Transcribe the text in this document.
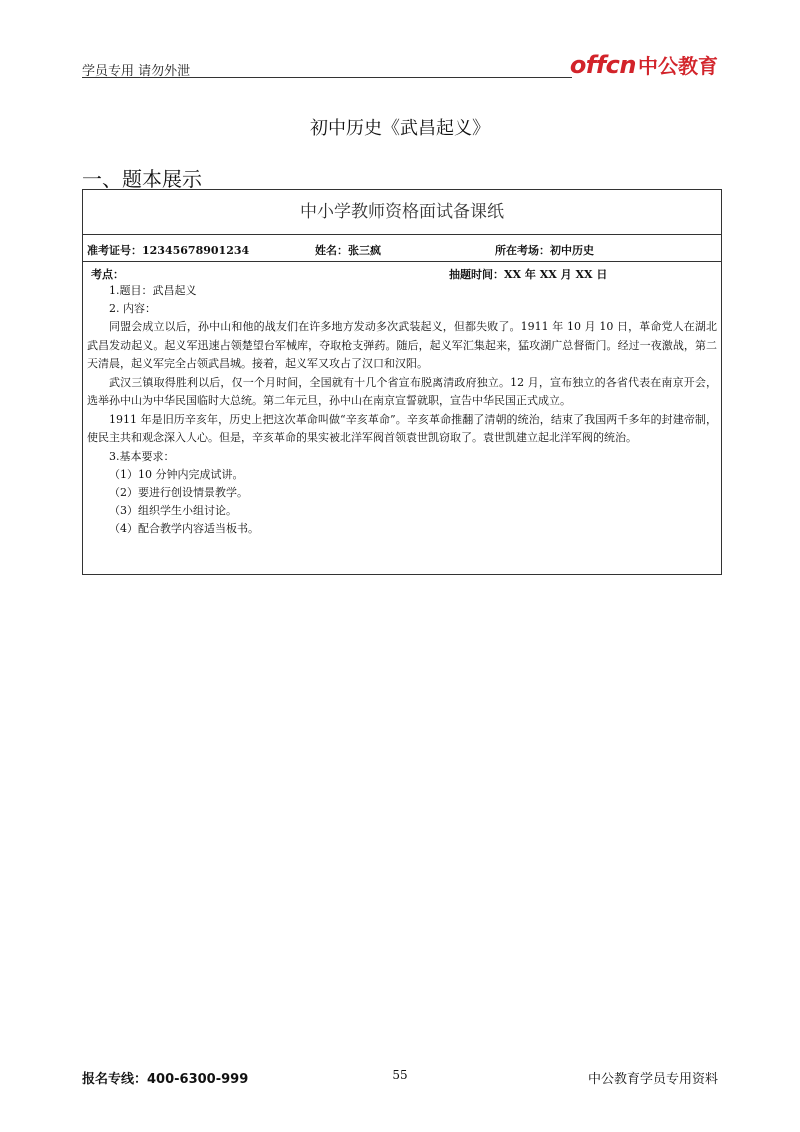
学员专用 请勿外泄	offcn 中公教育
初中历史《武昌起义》
一、题本展示
中小学教师资格面试备课纸
准考证号：12345678901234	姓名：张三疯	所在考场：初中历史
考点：	抽题时间：XX 年 XX 月 XX 日
1.题目：武昌起义
2. 内容：

同盟会成立以后，孙中山和他的战友们在许多地方发动多次武装起义，但都失败了。1911 年 10 月 10 日，革命党人在湖北武昌发动起义。起义军迅速占领楚望台军械库，夺取枪支弹药。随后，起义军汇集起来，猛攻湖广总督衙门。经过一夜激战，第二天清晨，起义军完全占领武昌城。接着，起义军又攻占了汉口和汉阳。

武汉三镇取得胜利以后，仅一个月时间，全国就有十几个省宣布脱离清政府独立。12 月，宣布独立的各省代表在南京开会，选举孙中山为中华民国临时大总统。第二年元旦，孙中山在南京宣誓就职，宣告中华民国正式成立。

1911 年是旧历辛亥年，历史上把这次革命叫做“辛亥革命”。辛亥革命推翻了清朝的统治，结束了我国两千多年的封建帝制，使民主共和观念深入人心。但是，辛亥革命的果实被北洋军阀首领袁世凯窃取了。袁世凯建立起北洋军阀的统治。

3.基本要求：
（1）10 分钟内完成试讲。
（2）要进行创设情景教学。
（3）组织学生小组讨论。
（4）配合教学内容适当板书。
报名专线：400-6300-999	55	中公教育学员专用资料
